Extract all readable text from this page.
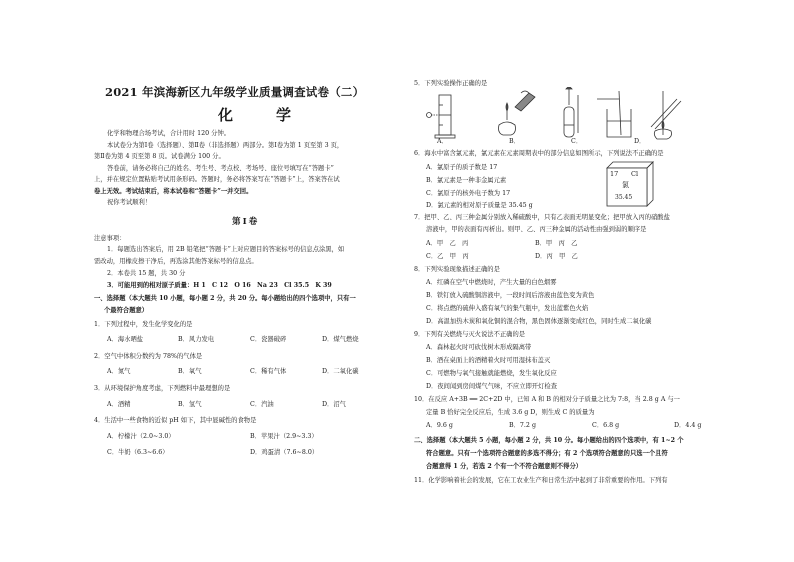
2021 年滨海新区九年级学业质量调查试卷（二）
化　学
化学和物理合场考试，合计用时 120 分钟。
本试卷分为第Ⅰ卷（选择题）、第Ⅱ卷（非选择题）两部分。第Ⅰ卷为第 1 页至第 3 页，
第Ⅱ卷为第 4 页至第 8 页。试卷满分 100 分。
答卷前，请务必将自己的姓名、考生号、考点校、考场号、座位号填写在“答题卡”
上，并在规定位置粘贴考试用条形码。答题时，务必将答案写在“答题卡”上，答案答在试
卷上无效。考试结束后，将本试卷和“答题卡”一并交回。
祝你考试顺利！
第Ⅰ卷
注意事项：
1．每题选出答案后，用 2B 铅笔把“答题卡”上对应题目的答案标号的信息点涂黑，如
需改动，用橡皮擦干净后，再选涂其他答案标号的信息点。
2．本卷共 15 题，共 30 分
3．可能用到的相对原子质量：H 1　C 12　O 16　Na 23　Cl 35.5　K 39
一、选择题（本大题共 10 小题，每小题 2 分，共 20 分。每小题给出的四个选项中，只有一
个最符合题意）
1．下列过程中，发生化学变化的是
A．海水晒盐	B．风力发电	C．瓷器破碎	D．煤气燃烧
2．空气中体积分数约为 78%的气体是
A．氮气	B．氧气	C．稀有气体	D．二氧化碳
3．从环境保护角度考虑，下列燃料中最理想的是
A．酒精	B．氢气	C．汽油	D．沼气
4．生活中一些食物的近似 pH 如下，其中显碱性的食物是
A．柠檬汁（2.0~3.0）	B．苹果汁（2.9~3.3）
C．牛奶（6.3~6.6）	D．鸡蛋清（7.6~8.0）
5．下列实验操作正确的是
A．	B．	C．	D．
6．海水中富含氯元素，氯元素在元素周期表中的部分信息如图所示，下列说法不正确的是
A．氯原子的质子数是 17
B．氯元素是一种非金属元素
C．氯原子的核外电子数为 17
D．氯元素的相对原子质量是 35.45 g
17 Cl
氯
35.45
7．把甲、乙、丙三种金属分别放入稀硫酸中，只有乙表面无明显变化；把甲放入丙的硝酸盐
溶液中，甲的表面有丙析出。则甲、乙、丙三种金属的活动性由强到弱的顺序是
A．甲　乙　丙	B．甲　丙　乙
C．乙　甲　丙	D．丙　甲　乙
8．下列实验现象描述正确的是
A．红磷在空气中燃烧时，产生大量的白色烟雾
B．铁钉放入硫酸铜溶液中，一段时间后溶液由蓝色变为黄色
C．将点燃的硫伸入盛有氧气的集气瓶中，发出蓝紫色火焰
D．高温加热木炭和氧化铜的混合物，黑色固体逐渐变成红色，同时生成二氧化碳
9．下列有关燃烧与灭火说法不正确的是
A．森林起火时可砍伐树木形成隔离带
B．酒在桌面上的酒精着火时可用湿抹布盖灭
C．可燃物与氧气接触就能燃烧，发生氧化反应
D．夜间闻到房间煤气气味，不应立即开灯检查
10．在反应 A+3B ══ 2C+2D 中，已知 A 和 B 的相对分子质量之比为 7:8，当 2.8 g A 与一
定量 B 恰好完全反应后，生成 3.6 g D，则生成 C 的质量为
A．9.6 g	B．7.2 g	C．6.8 g	D．4.4 g
二、选择题（本大题共 5 小题，每小题 2 分，共 10 分。每小题给出的四个选项中，有 1~2 个
符合题意。只有一个选项符合题意的多选不得分；有 2 个选项符合题意的只选一个且符
合题意得 1 分，若选 2 个有一个不符合题意则不得分）
11．化学影响着社会的发展，它在工农业生产和日常生活中起到了非常重要的作用。下列有
